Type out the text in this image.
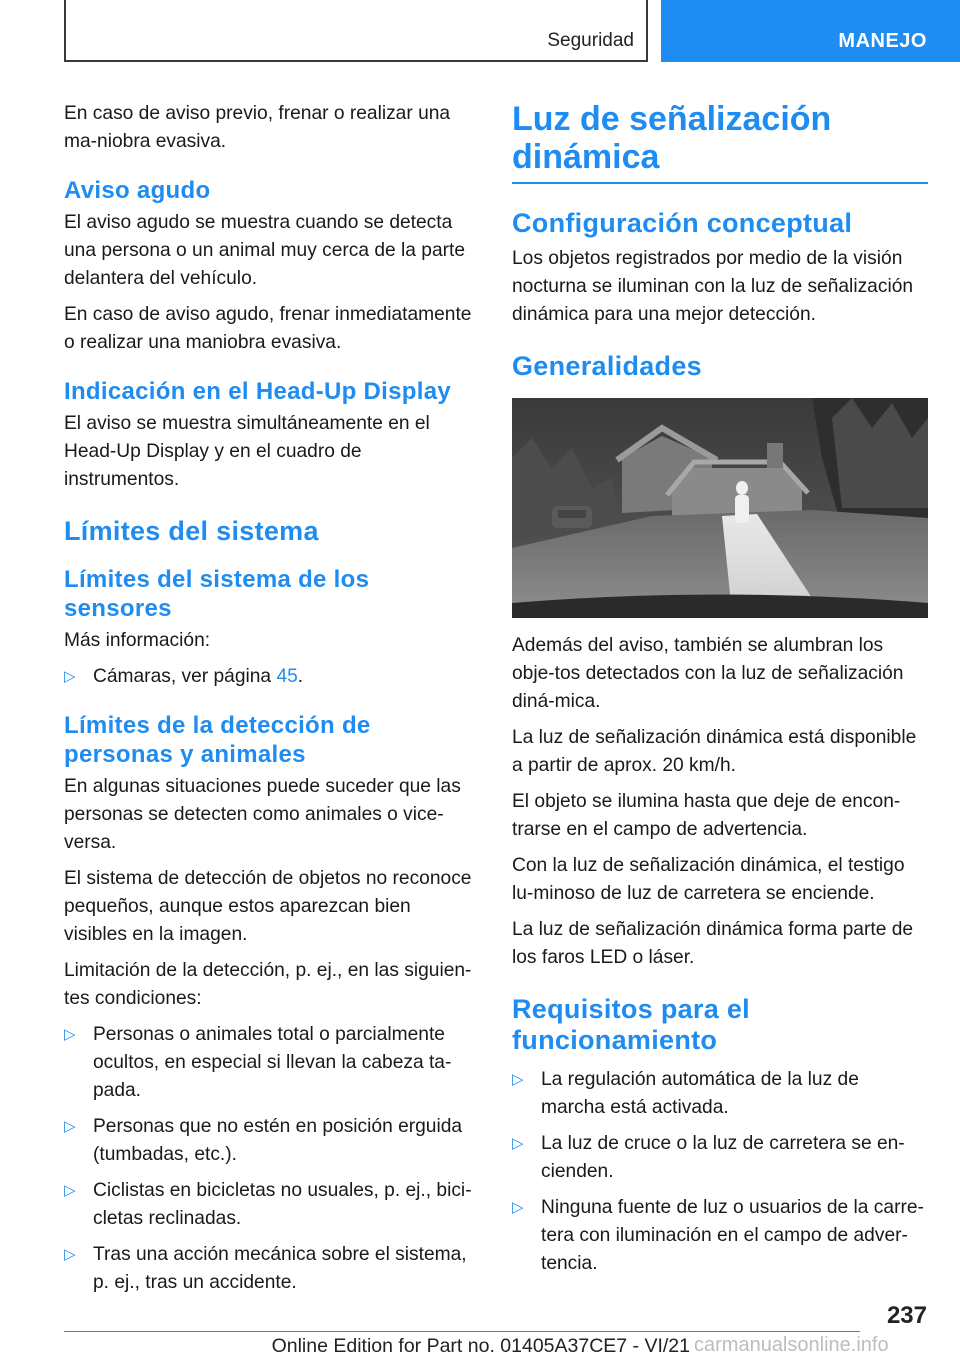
Seguridad	MANEJO

En caso de aviso previo, frenar o realizar una ma-niobra evasiva.

Aviso agudo

El aviso agudo se muestra cuando se detecta una persona o un animal muy cerca de la parte delantera del vehículo.

En caso de aviso agudo, frenar inmediatamente o realizar una maniobra evasiva.

Indicación en el Head-Up Display

El aviso se muestra simultáneamente en el Head-Up Display y en el cuadro de instrumentos.

Límites del sistema
Límites del sistema de los sensores

Más información:

▷ Cámaras, ver página 45.
Límites de la detección de personas y animales

En algunas situaciones puede suceder que las personas se detecten como animales o vice-versa.

El sistema de detección de objetos no reconoce pequeños, aunque estos aparezcan bien visibles en la imagen.

Limitación de la detección, p. ej., en las siguien-tes condiciones:

▷ Personas o animales total o parcialmente ocultos, en especial si llevan la cabeza ta-pada.
▷ Personas que no estén en posición erguida (tumbadas, etc.).
▷ Ciclistas en bicicletas no usuales, p. ej., bici-cletas reclinadas.
▷ Tras una acción mecánica sobre el sistema, p. ej., tras un accidente.
Luz de señalización dinámica
Configuración conceptual

Los objetos registrados por medio de la visión nocturna se iluminan con la luz de señalización dinámica para una mejor detección.

Generalidades

Además del aviso, también se alumbran los obje-tos detectados con la luz de señalización diná-mica.

La luz de señalización dinámica está disponible a partir de aprox. 20 km/h.

El objeto se ilumina hasta que deje de encon-trarse en el campo de advertencia.

Con la luz de señalización dinámica, el testigo lu-minoso de luz de carretera se enciende.

La luz de señalización dinámica forma parte de los faros LED o láser.

Requisitos para el funcionamiento
▷ La regulación automática de la luz de marcha está activada.
▷ La luz de cruce o la luz de carretera se en-cienden.
▷ Ninguna fuente de luz o usuarios de la carre-tera con iluminación en el campo de adver-tencia.
237
Online Edition for Part no. 01405A37CE7 - VI/21 carmanualsonline.info
